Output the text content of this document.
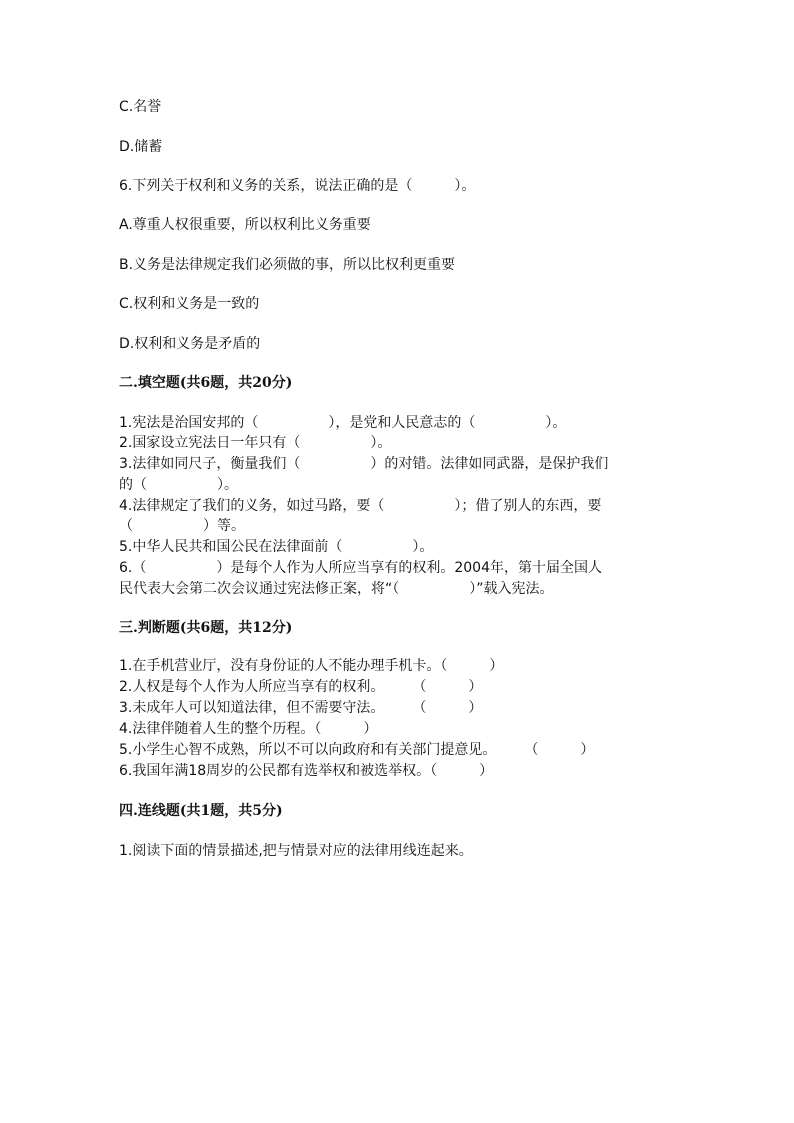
C.名誉

D.储蓄

6.下列关于权利和义务的关系，说法正确的是（　　　）。

A.尊重人权很重要，所以权利比义务重要

B.义务是法律规定我们必须做的事，所以比权利更重要

C.权利和义务是一致的

D.权利和义务是矛盾的

二.填空题(共6题，共20分)

1.宪法是治国安邦的（　　　　　），是党和人民意志的（　　　　　）。

2.国家设立宪法日一年只有（　　　　　）。

3.法律如同尺子，衡量我们（　　　　　）的对错。法律如同武器，是保护我们

的（　　　　　）。

4.法律规定了我们的义务，如过马路，要（　　　　　）；借了别人的东西，要

（　　　　　）等。

5.中华人民共和国公民在法律面前（　　　　　）。

6.（　　　　　）是每个人作为人所应当享有的权利。2004年，第十届全国人

民代表大会第二次会议通过宪法修正案，将“（　　　　　）”载入宪法。

三.判断题(共6题，共12分)

1.在手机营业厅，没有身份证的人不能办理手机卡。（　　　）

2.人权是每个人作为人所应当享有的权利。　　　（　　　）

3.未成年人可以知道法律，但不需要守法。　　　（　　　）

4.法律伴随着人生的整个历程。（　　　）

5.小学生心智不成熟，所以不可以向政府和有关部门提意见。　　　（　　　）

6.我国年满18周岁的公民都有选举权和被选举权。（　　　）

四.连线题(共1题，共5分)

1.阅读下面的情景描述,把与情景对应的法律用线连起来。
